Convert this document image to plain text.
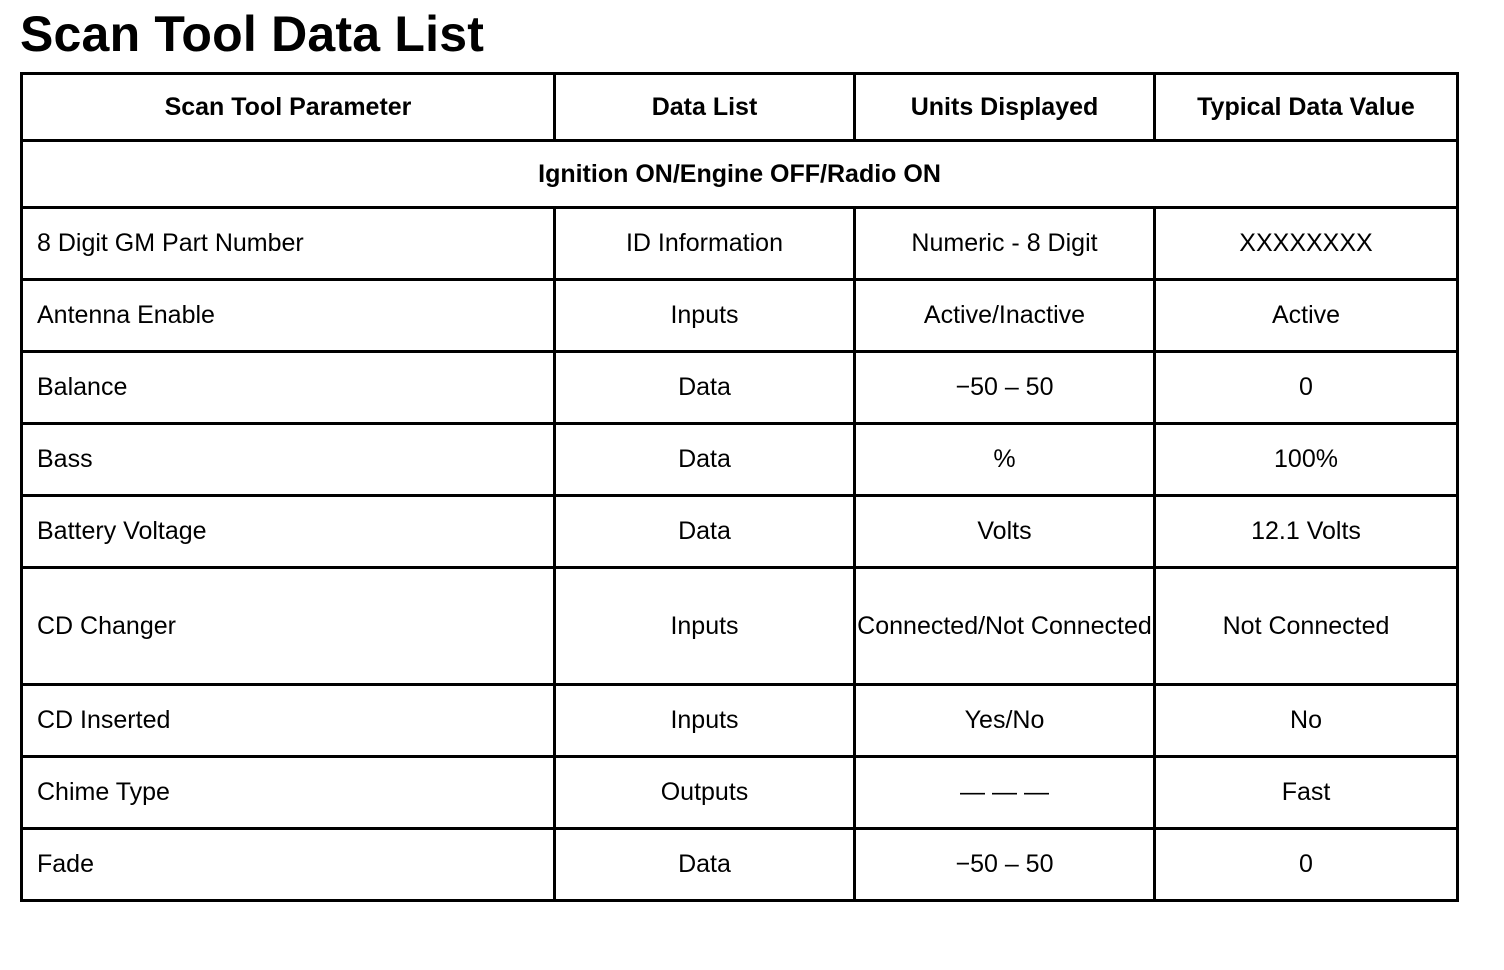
Scan Tool Data List
Scan Tool Parameter	Data List	Units Displayed	Typical Data Value
Ignition ON/Engine OFF/Radio ON			
8 Digit GM Part Number	ID Information	Numeric - 8 Digit	XXXXXXXX
Antenna Enable	Inputs	Active/Inactive	Active
Balance	Data	−50 – 50	0
Bass	Data	%	100%
Battery Voltage	Data	Volts	12.1 Volts
CD Changer	Inputs	Connected/Not Connected	Not Connected
CD Inserted	Inputs	Yes/No	No
Chime Type	Outputs	— — —	Fast
Fade	Data	−50 – 50	0
